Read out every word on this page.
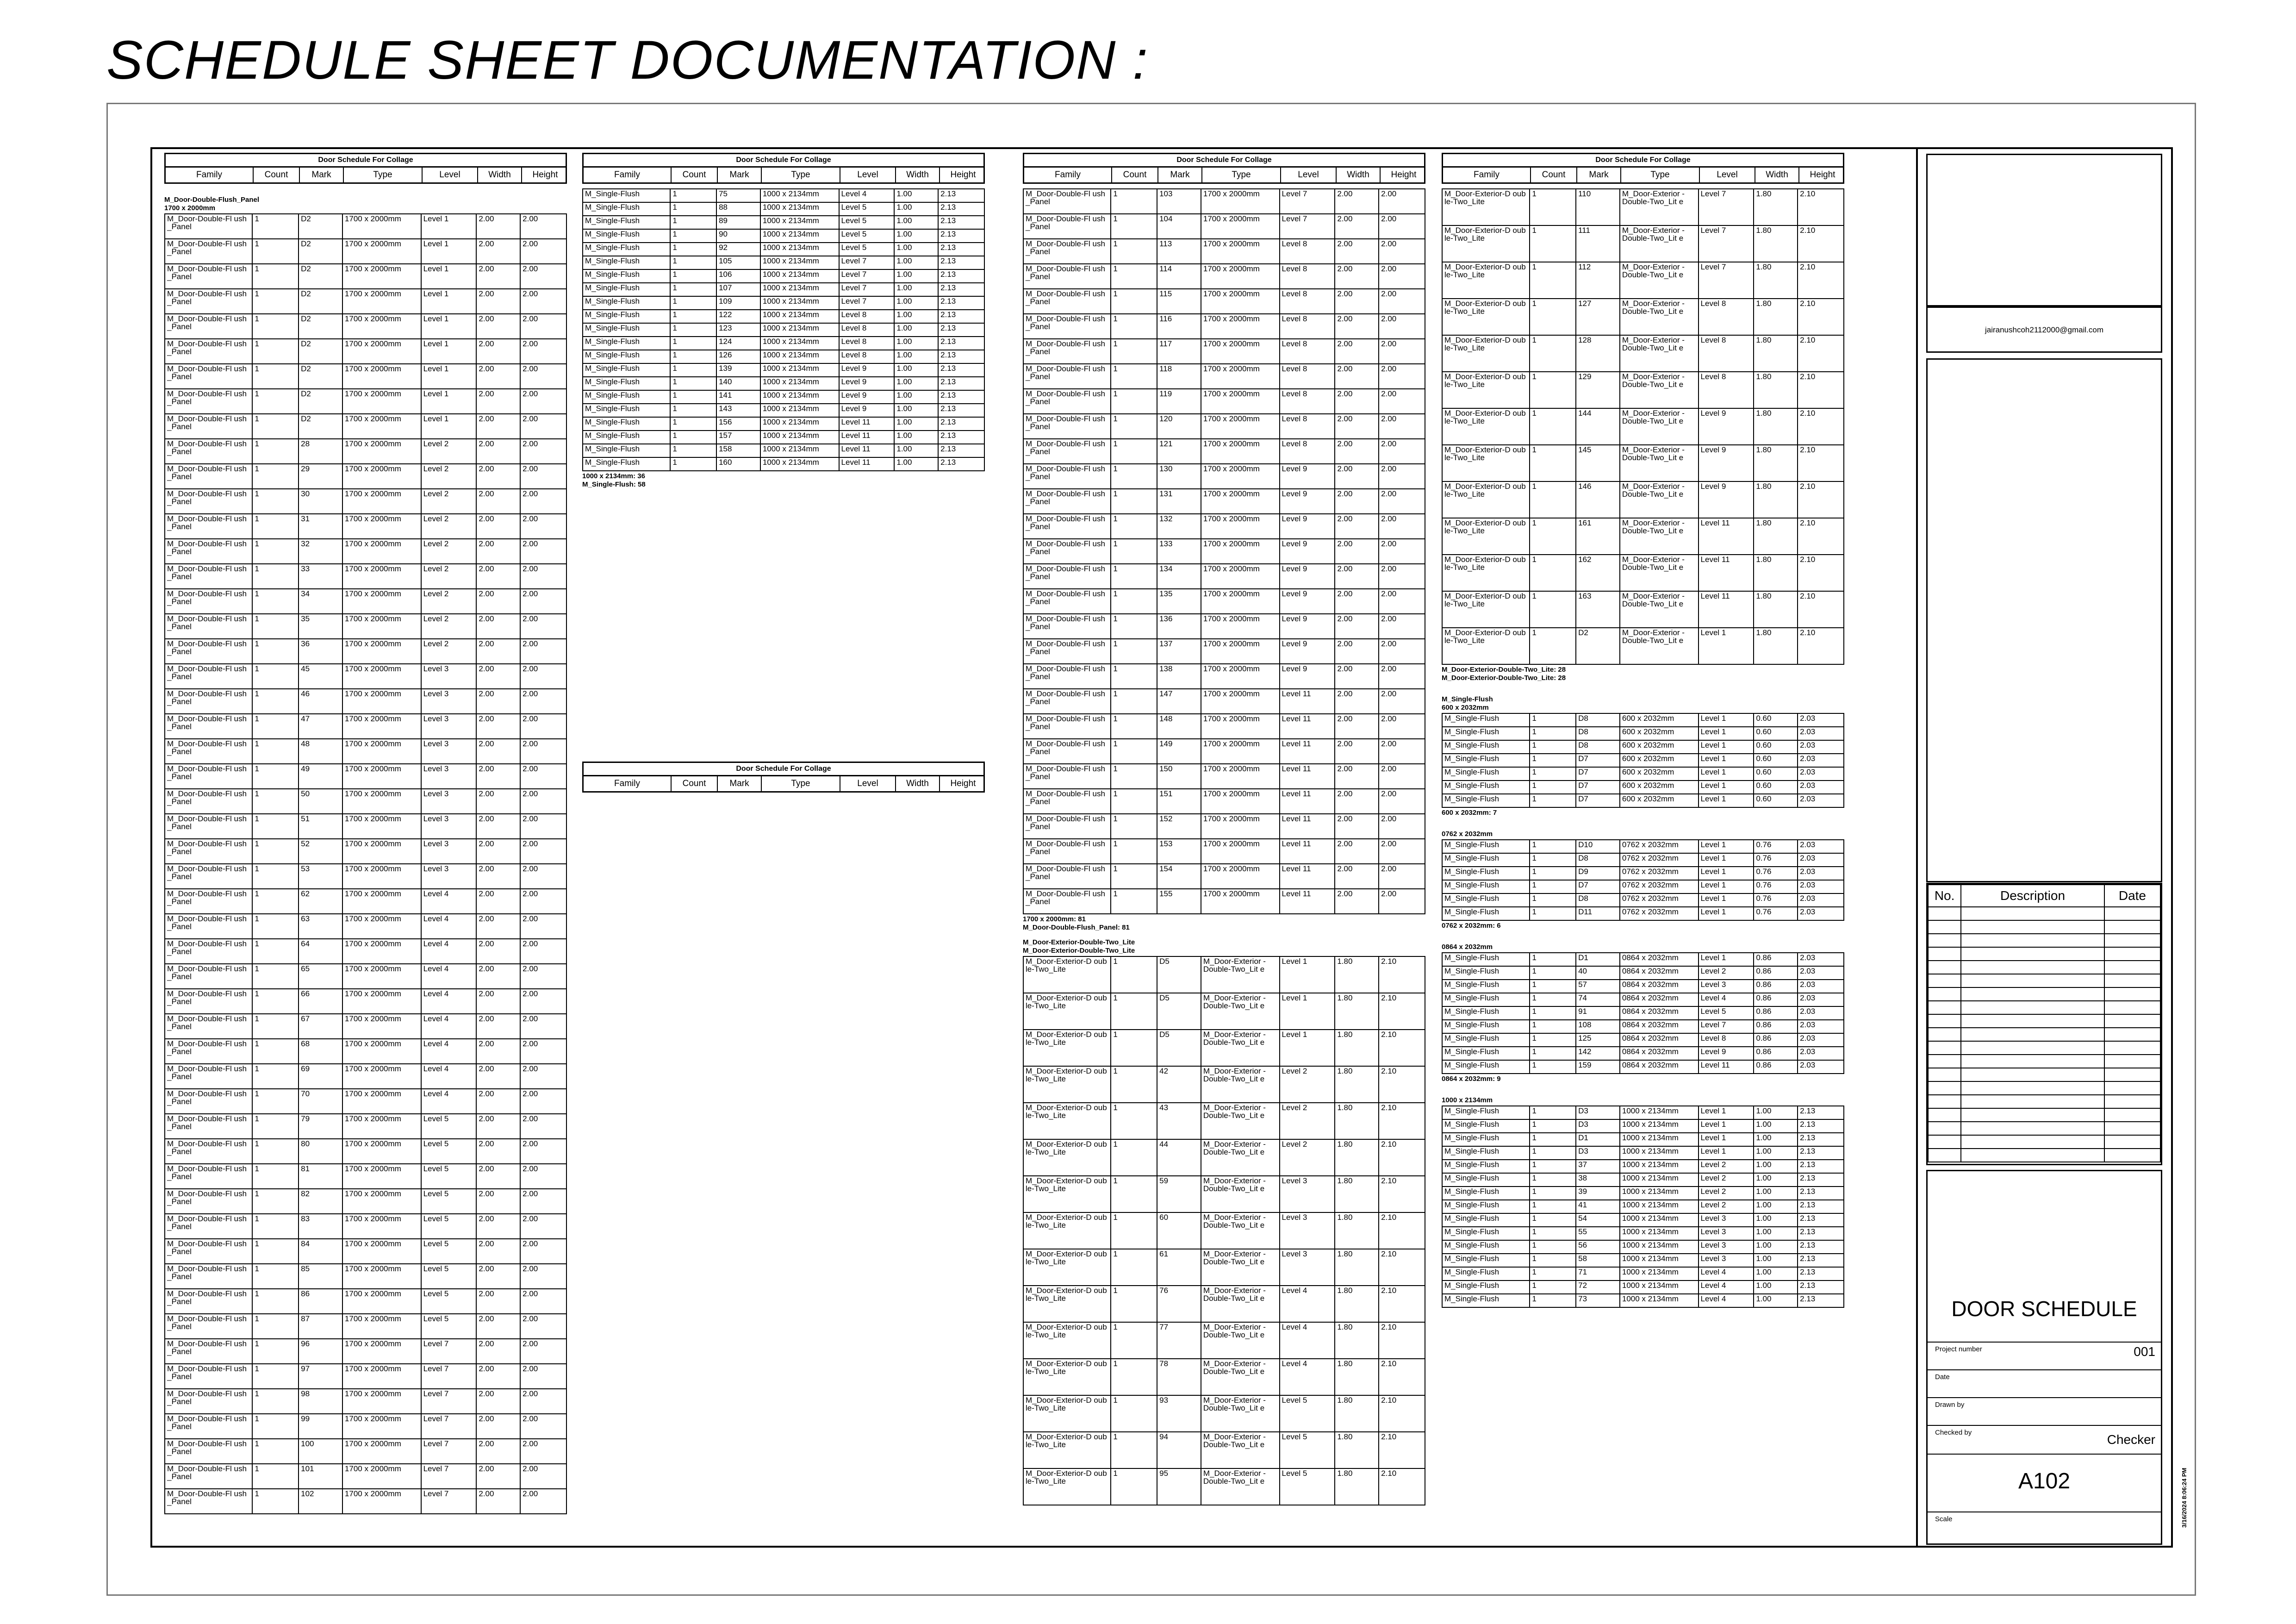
SCHEDULE SHEET DOCUMENTATION :
Door Schedule For Collage
Family	Count	Mark	Type	Level	Width	Height
M_Door-Double-Flush_Panel
1700 x 2000mm
M_Door-Double-Fl ush_Panel	1	D2	1700 x 2000mm	Level 1	2.00	2.00
M_Door-Double-Fl ush_Panel	1	D2	1700 x 2000mm	Level 1	2.00	2.00
M_Door-Double-Fl ush_Panel	1	D2	1700 x 2000mm	Level 1	2.00	2.00
M_Door-Double-Fl ush_Panel	1	D2	1700 x 2000mm	Level 1	2.00	2.00
M_Door-Double-Fl ush_Panel	1	D2	1700 x 2000mm	Level 1	2.00	2.00
M_Door-Double-Fl ush_Panel	1	D2	1700 x 2000mm	Level 1	2.00	2.00
M_Door-Double-Fl ush_Panel	1	D2	1700 x 2000mm	Level 1	2.00	2.00
M_Door-Double-Fl ush_Panel	1	D2	1700 x 2000mm	Level 1	2.00	2.00
M_Door-Double-Fl ush_Panel	1	D2	1700 x 2000mm	Level 1	2.00	2.00
M_Door-Double-Fl ush_Panel	1	28	1700 x 2000mm	Level 2	2.00	2.00
M_Door-Double-Fl ush_Panel	1	29	1700 x 2000mm	Level 2	2.00	2.00
M_Door-Double-Fl ush_Panel	1	30	1700 x 2000mm	Level 2	2.00	2.00
M_Door-Double-Fl ush_Panel	1	31	1700 x 2000mm	Level 2	2.00	2.00
M_Door-Double-Fl ush_Panel	1	32	1700 x 2000mm	Level 2	2.00	2.00
M_Door-Double-Fl ush_Panel	1	33	1700 x 2000mm	Level 2	2.00	2.00
M_Door-Double-Fl ush_Panel	1	34	1700 x 2000mm	Level 2	2.00	2.00
M_Door-Double-Fl ush_Panel	1	35	1700 x 2000mm	Level 2	2.00	2.00
M_Door-Double-Fl ush_Panel	1	36	1700 x 2000mm	Level 2	2.00	2.00
M_Door-Double-Fl ush_Panel	1	45	1700 x 2000mm	Level 3	2.00	2.00
M_Door-Double-Fl ush_Panel	1	46	1700 x 2000mm	Level 3	2.00	2.00
M_Door-Double-Fl ush_Panel	1	47	1700 x 2000mm	Level 3	2.00	2.00
M_Door-Double-Fl ush_Panel	1	48	1700 x 2000mm	Level 3	2.00	2.00
M_Door-Double-Fl ush_Panel	1	49	1700 x 2000mm	Level 3	2.00	2.00
M_Door-Double-Fl ush_Panel	1	50	1700 x 2000mm	Level 3	2.00	2.00
M_Door-Double-Fl ush_Panel	1	51	1700 x 2000mm	Level 3	2.00	2.00
M_Door-Double-Fl ush_Panel	1	52	1700 x 2000mm	Level 3	2.00	2.00
M_Door-Double-Fl ush_Panel	1	53	1700 x 2000mm	Level 3	2.00	2.00
M_Door-Double-Fl ush_Panel	1	62	1700 x 2000mm	Level 4	2.00	2.00
M_Door-Double-Fl ush_Panel	1	63	1700 x 2000mm	Level 4	2.00	2.00
M_Door-Double-Fl ush_Panel	1	64	1700 x 2000mm	Level 4	2.00	2.00
M_Door-Double-Fl ush_Panel	1	65	1700 x 2000mm	Level 4	2.00	2.00
M_Door-Double-Fl ush_Panel	1	66	1700 x 2000mm	Level 4	2.00	2.00
M_Door-Double-Fl ush_Panel	1	67	1700 x 2000mm	Level 4	2.00	2.00
M_Door-Double-Fl ush_Panel	1	68	1700 x 2000mm	Level 4	2.00	2.00
M_Door-Double-Fl ush_Panel	1	69	1700 x 2000mm	Level 4	2.00	2.00
M_Door-Double-Fl ush_Panel	1	70	1700 x 2000mm	Level 4	2.00	2.00
M_Door-Double-Fl ush_Panel	1	79	1700 x 2000mm	Level 5	2.00	2.00
M_Door-Double-Fl ush_Panel	1	80	1700 x 2000mm	Level 5	2.00	2.00
M_Door-Double-Fl ush_Panel	1	81	1700 x 2000mm	Level 5	2.00	2.00
M_Door-Double-Fl ush_Panel	1	82	1700 x 2000mm	Level 5	2.00	2.00
M_Door-Double-Fl ush_Panel	1	83	1700 x 2000mm	Level 5	2.00	2.00
M_Door-Double-Fl ush_Panel	1	84	1700 x 2000mm	Level 5	2.00	2.00
M_Door-Double-Fl ush_Panel	1	85	1700 x 2000mm	Level 5	2.00	2.00
M_Door-Double-Fl ush_Panel	1	86	1700 x 2000mm	Level 5	2.00	2.00
M_Door-Double-Fl ush_Panel	1	87	1700 x 2000mm	Level 5	2.00	2.00
M_Door-Double-Fl ush_Panel	1	96	1700 x 2000mm	Level 7	2.00	2.00
M_Door-Double-Fl ush_Panel	1	97	1700 x 2000mm	Level 7	2.00	2.00
M_Door-Double-Fl ush_Panel	1	98	1700 x 2000mm	Level 7	2.00	2.00
M_Door-Double-Fl ush_Panel	1	99	1700 x 2000mm	Level 7	2.00	2.00
M_Door-Double-Fl ush_Panel	1	100	1700 x 2000mm	Level 7	2.00	2.00
M_Door-Double-Fl ush_Panel	1	101	1700 x 2000mm	Level 7	2.00	2.00
M_Door-Double-Fl ush_Panel	1	102	1700 x 2000mm	Level 7	2.00	2.00
Door Schedule For Collage
Family	Count	Mark	Type	Level	Width	Height
M_Single-Flush	1	75	1000 x 2134mm	Level 4	1.00	2.13
M_Single-Flush	1	88	1000 x 2134mm	Level 5	1.00	2.13
M_Single-Flush	1	89	1000 x 2134mm	Level 5	1.00	2.13
M_Single-Flush	1	90	1000 x 2134mm	Level 5	1.00	2.13
M_Single-Flush	1	92	1000 x 2134mm	Level 5	1.00	2.13
M_Single-Flush	1	105	1000 x 2134mm	Level 7	1.00	2.13
M_Single-Flush	1	106	1000 x 2134mm	Level 7	1.00	2.13
M_Single-Flush	1	107	1000 x 2134mm	Level 7	1.00	2.13
M_Single-Flush	1	109	1000 x 2134mm	Level 7	1.00	2.13
M_Single-Flush	1	122	1000 x 2134mm	Level 8	1.00	2.13
M_Single-Flush	1	123	1000 x 2134mm	Level 8	1.00	2.13
M_Single-Flush	1	124	1000 x 2134mm	Level 8	1.00	2.13
M_Single-Flush	1	126	1000 x 2134mm	Level 8	1.00	2.13
M_Single-Flush	1	139	1000 x 2134mm	Level 9	1.00	2.13
M_Single-Flush	1	140	1000 x 2134mm	Level 9	1.00	2.13
M_Single-Flush	1	141	1000 x 2134mm	Level 9	1.00	2.13
M_Single-Flush	1	143	1000 x 2134mm	Level 9	1.00	2.13
M_Single-Flush	1	156	1000 x 2134mm	Level 11	1.00	2.13
M_Single-Flush	1	157	1000 x 2134mm	Level 11	1.00	2.13
M_Single-Flush	1	158	1000 x 2134mm	Level 11	1.00	2.13
M_Single-Flush	1	160	1000 x 2134mm	Level 11	1.00	2.13
1000 x 2134mm: 36
M_Single-Flush: 58
Door Schedule For Collage
Family	Count	Mark	Type	Level	Width	Height
Door Schedule For Collage
Family	Count	Mark	Type	Level	Width	Height
M_Door-Double-Fl ush_Panel	1	103	1700 x 2000mm	Level 7	2.00	2.00
M_Door-Double-Fl ush_Panel	1	104	1700 x 2000mm	Level 7	2.00	2.00
M_Door-Double-Fl ush_Panel	1	113	1700 x 2000mm	Level 8	2.00	2.00
M_Door-Double-Fl ush_Panel	1	114	1700 x 2000mm	Level 8	2.00	2.00
M_Door-Double-Fl ush_Panel	1	115	1700 x 2000mm	Level 8	2.00	2.00
M_Door-Double-Fl ush_Panel	1	116	1700 x 2000mm	Level 8	2.00	2.00
M_Door-Double-Fl ush_Panel	1	117	1700 x 2000mm	Level 8	2.00	2.00
M_Door-Double-Fl ush_Panel	1	118	1700 x 2000mm	Level 8	2.00	2.00
M_Door-Double-Fl ush_Panel	1	119	1700 x 2000mm	Level 8	2.00	2.00
M_Door-Double-Fl ush_Panel	1	120	1700 x 2000mm	Level 8	2.00	2.00
M_Door-Double-Fl ush_Panel	1	121	1700 x 2000mm	Level 8	2.00	2.00
M_Door-Double-Fl ush_Panel	1	130	1700 x 2000mm	Level 9	2.00	2.00
M_Door-Double-Fl ush_Panel	1	131	1700 x 2000mm	Level 9	2.00	2.00
M_Door-Double-Fl ush_Panel	1	132	1700 x 2000mm	Level 9	2.00	2.00
M_Door-Double-Fl ush_Panel	1	133	1700 x 2000mm	Level 9	2.00	2.00
M_Door-Double-Fl ush_Panel	1	134	1700 x 2000mm	Level 9	2.00	2.00
M_Door-Double-Fl ush_Panel	1	135	1700 x 2000mm	Level 9	2.00	2.00
M_Door-Double-Fl ush_Panel	1	136	1700 x 2000mm	Level 9	2.00	2.00
M_Door-Double-Fl ush_Panel	1	137	1700 x 2000mm	Level 9	2.00	2.00
M_Door-Double-Fl ush_Panel	1	138	1700 x 2000mm	Level 9	2.00	2.00
M_Door-Double-Fl ush_Panel	1	147	1700 x 2000mm	Level 11	2.00	2.00
M_Door-Double-Fl ush_Panel	1	148	1700 x 2000mm	Level 11	2.00	2.00
M_Door-Double-Fl ush_Panel	1	149	1700 x 2000mm	Level 11	2.00	2.00
M_Door-Double-Fl ush_Panel	1	150	1700 x 2000mm	Level 11	2.00	2.00
M_Door-Double-Fl ush_Panel	1	151	1700 x 2000mm	Level 11	2.00	2.00
M_Door-Double-Fl ush_Panel	1	152	1700 x 2000mm	Level 11	2.00	2.00
M_Door-Double-Fl ush_Panel	1	153	1700 x 2000mm	Level 11	2.00	2.00
M_Door-Double-Fl ush_Panel	1	154	1700 x 2000mm	Level 11	2.00	2.00
M_Door-Double-Fl ush_Panel	1	155	1700 x 2000mm	Level 11	2.00	2.00
1700 x 2000mm: 81
M_Door-Double-Flush_Panel: 81
M_Door-Exterior-Double-Two_Lite
M_Door-Exterior-Double-Two_Lite
M_Door-Exterior-D ouble-Two_Lite	1	D5	M_Door-Exterior -Double-Two_Lit e	Level 1	1.80	2.10
M_Door-Exterior-D ouble-Two_Lite	1	D5	M_Door-Exterior -Double-Two_Lit e	Level 1	1.80	2.10
M_Door-Exterior-D ouble-Two_Lite	1	D5	M_Door-Exterior -Double-Two_Lit e	Level 1	1.80	2.10
M_Door-Exterior-D ouble-Two_Lite	1	42	M_Door-Exterior -Double-Two_Lit e	Level 2	1.80	2.10
M_Door-Exterior-D ouble-Two_Lite	1	43	M_Door-Exterior -Double-Two_Lit e	Level 2	1.80	2.10
M_Door-Exterior-D ouble-Two_Lite	1	44	M_Door-Exterior -Double-Two_Lit e	Level 2	1.80	2.10
M_Door-Exterior-D ouble-Two_Lite	1	59	M_Door-Exterior -Double-Two_Lit e	Level 3	1.80	2.10
M_Door-Exterior-D ouble-Two_Lite	1	60	M_Door-Exterior -Double-Two_Lit e	Level 3	1.80	2.10
M_Door-Exterior-D ouble-Two_Lite	1	61	M_Door-Exterior -Double-Two_Lit e	Level 3	1.80	2.10
M_Door-Exterior-D ouble-Two_Lite	1	76	M_Door-Exterior -Double-Two_Lit e	Level 4	1.80	2.10
M_Door-Exterior-D ouble-Two_Lite	1	77	M_Door-Exterior -Double-Two_Lit e	Level 4	1.80	2.10
M_Door-Exterior-D ouble-Two_Lite	1	78	M_Door-Exterior -Double-Two_Lit e	Level 4	1.80	2.10
M_Door-Exterior-D ouble-Two_Lite	1	93	M_Door-Exterior -Double-Two_Lit e	Level 5	1.80	2.10
M_Door-Exterior-D ouble-Two_Lite	1	94	M_Door-Exterior -Double-Two_Lit e	Level 5	1.80	2.10
M_Door-Exterior-D ouble-Two_Lite	1	95	M_Door-Exterior -Double-Two_Lit e	Level 5	1.80	2.10
Door Schedule For Collage
Family	Count	Mark	Type	Level	Width	Height
M_Door-Exterior-D ouble-Two_Lite	1	110	M_Door-Exterior -Double-Two_Lit e	Level 7	1.80	2.10
M_Door-Exterior-D ouble-Two_Lite	1	111	M_Door-Exterior -Double-Two_Lit e	Level 7	1.80	2.10
M_Door-Exterior-D ouble-Two_Lite	1	112	M_Door-Exterior -Double-Two_Lit e	Level 7	1.80	2.10
M_Door-Exterior-D ouble-Two_Lite	1	127	M_Door-Exterior -Double-Two_Lit e	Level 8	1.80	2.10
M_Door-Exterior-D ouble-Two_Lite	1	128	M_Door-Exterior -Double-Two_Lit e	Level 8	1.80	2.10
M_Door-Exterior-D ouble-Two_Lite	1	129	M_Door-Exterior -Double-Two_Lit e	Level 8	1.80	2.10
M_Door-Exterior-D ouble-Two_Lite	1	144	M_Door-Exterior -Double-Two_Lit e	Level 9	1.80	2.10
M_Door-Exterior-D ouble-Two_Lite	1	145	M_Door-Exterior -Double-Two_Lit e	Level 9	1.80	2.10
M_Door-Exterior-D ouble-Two_Lite	1	146	M_Door-Exterior -Double-Two_Lit e	Level 9	1.80	2.10
M_Door-Exterior-D ouble-Two_Lite	1	161	M_Door-Exterior -Double-Two_Lit e	Level 11	1.80	2.10
M_Door-Exterior-D ouble-Two_Lite	1	162	M_Door-Exterior -Double-Two_Lit e	Level 11	1.80	2.10
M_Door-Exterior-D ouble-Two_Lite	1	163	M_Door-Exterior -Double-Two_Lit e	Level 11	1.80	2.10
M_Door-Exterior-D ouble-Two_Lite	1	D2	M_Door-Exterior -Double-Two_Lit e	Level 1	1.80	2.10
M_Door-Exterior-Double-Two_Lite: 28
M_Door-Exterior-Double-Two_Lite: 28
M_Single-Flush
600 x 2032mm
M_Single-Flush	1	D8	600 x 2032mm	Level 1	0.60	2.03
M_Single-Flush	1	D8	600 x 2032mm	Level 1	0.60	2.03
M_Single-Flush	1	D8	600 x 2032mm	Level 1	0.60	2.03
M_Single-Flush	1	D7	600 x 2032mm	Level 1	0.60	2.03
M_Single-Flush	1	D7	600 x 2032mm	Level 1	0.60	2.03
M_Single-Flush	1	D7	600 x 2032mm	Level 1	0.60	2.03
M_Single-Flush	1	D7	600 x 2032mm	Level 1	0.60	2.03
600 x 2032mm: 7
0762 x 2032mm
M_Single-Flush	1	D10	0762 x 2032mm	Level 1	0.76	2.03
M_Single-Flush	1	D8	0762 x 2032mm	Level 1	0.76	2.03
M_Single-Flush	1	D9	0762 x 2032mm	Level 1	0.76	2.03
M_Single-Flush	1	D7	0762 x 2032mm	Level 1	0.76	2.03
M_Single-Flush	1	D8	0762 x 2032mm	Level 1	0.76	2.03
M_Single-Flush	1	D11	0762 x 2032mm	Level 1	0.76	2.03
0762 x 2032mm: 6
0864 x 2032mm
M_Single-Flush	1	D1	0864 x 2032mm	Level 1	0.86	2.03
M_Single-Flush	1	40	0864 x 2032mm	Level 2	0.86	2.03
M_Single-Flush	1	57	0864 x 2032mm	Level 3	0.86	2.03
M_Single-Flush	1	74	0864 x 2032mm	Level 4	0.86	2.03
M_Single-Flush	1	91	0864 x 2032mm	Level 5	0.86	2.03
M_Single-Flush	1	108	0864 x 2032mm	Level 7	0.86	2.03
M_Single-Flush	1	125	0864 x 2032mm	Level 8	0.86	2.03
M_Single-Flush	1	142	0864 x 2032mm	Level 9	0.86	2.03
M_Single-Flush	1	159	0864 x 2032mm	Level 11	0.86	2.03
0864 x 2032mm: 9
1000 x 2134mm
M_Single-Flush	1	D3	1000 x 2134mm	Level 1	1.00	2.13
M_Single-Flush	1	D3	1000 x 2134mm	Level 1	1.00	2.13
M_Single-Flush	1	D1	1000 x 2134mm	Level 1	1.00	2.13
M_Single-Flush	1	D3	1000 x 2134mm	Level 1	1.00	2.13
M_Single-Flush	1	37	1000 x 2134mm	Level 2	1.00	2.13
M_Single-Flush	1	38	1000 x 2134mm	Level 2	1.00	2.13
M_Single-Flush	1	39	1000 x 2134mm	Level 2	1.00	2.13
M_Single-Flush	1	41	1000 x 2134mm	Level 2	1.00	2.13
M_Single-Flush	1	54	1000 x 2134mm	Level 3	1.00	2.13
M_Single-Flush	1	55	1000 x 2134mm	Level 3	1.00	2.13
M_Single-Flush	1	56	1000 x 2134mm	Level 3	1.00	2.13
M_Single-Flush	1	58	1000 x 2134mm	Level 3	1.00	2.13
M_Single-Flush	1	71	1000 x 2134mm	Level 4	1.00	2.13
M_Single-Flush	1	72	1000 x 2134mm	Level 4	1.00	2.13
M_Single-Flush	1	73	1000 x 2134mm	Level 4	1.00	2.13
jairanushcoh2112000@gmail.com
No.	Description	Date

DOOR SCHEDULE
Project number	001
Date
Drawn by
Checked by	Checker
A102
Scale	3/16/2024 8:06:24 PM
